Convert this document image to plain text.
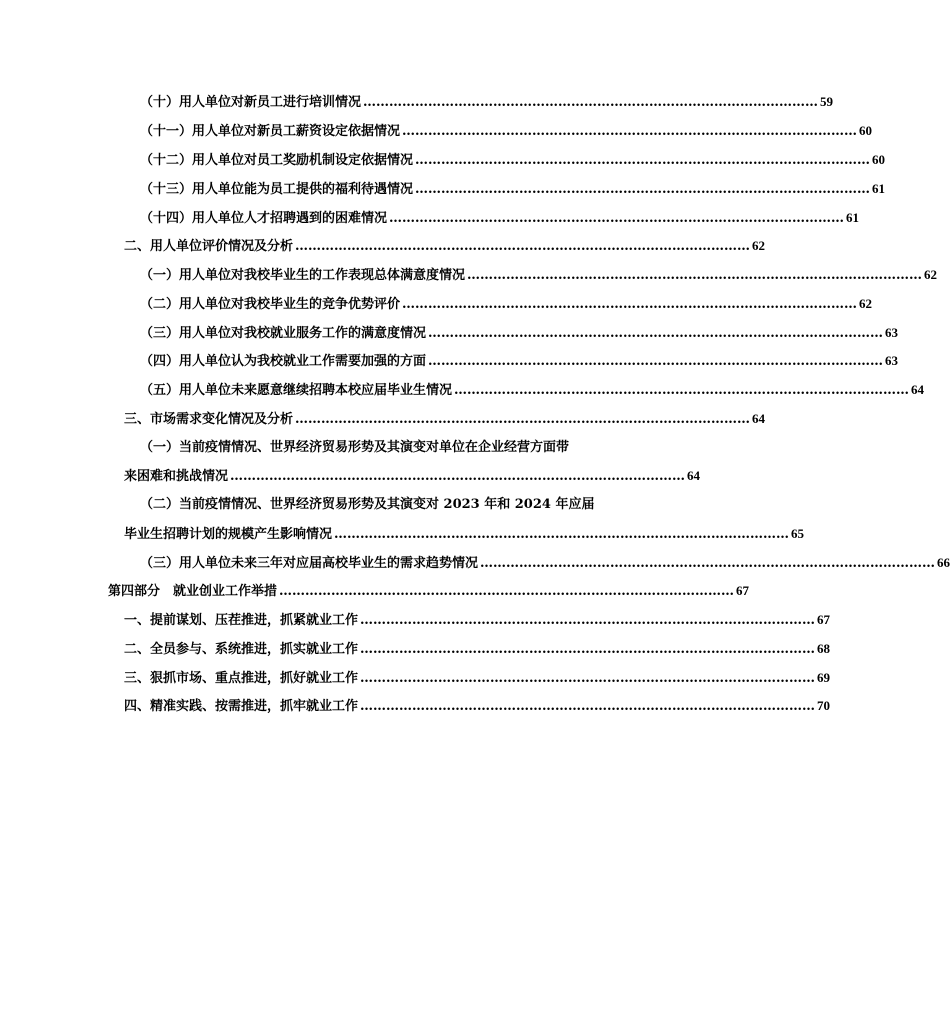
（十）用人单位对新员工进行培训情况 …………………………………………………………………………………………… 59
（十一）用人单位对新员工薪资设定依据情况 …………………………………………………………………………………………… 60
（十二）用人单位对员工奖励机制设定依据情况 …………………………………………………………………………………………… 60
（十三）用人单位能为员工提供的福利待遇情况 …………………………………………………………………………………………… 61
（十四）用人单位人才招聘遇到的困难情况 …………………………………………………………………………………………… 61
二、用人单位评价情况及分析 …………………………………………………………………………………………… 62
（一）用人单位对我校毕业生的工作表现总体满意度情况 …………………………………………………………………………………………… 62
（二）用人单位对我校毕业生的竞争优势评价 …………………………………………………………………………………………… 62
（三）用人单位对我校就业服务工作的满意度情况 …………………………………………………………………………………………… 63
（四）用人单位认为我校就业工作需要加强的方面 …………………………………………………………………………………………… 63
（五）用人单位未来愿意继续招聘本校应届毕业生情况 …………………………………………………………………………………………… 64
三、市场需求变化情况及分析 …………………………………………………………………………………………… 64
（一）当前疫情情况、世界经济贸易形势及其演变对单位在企业经营方面带
来困难和挑战情况 …………………………………………………………………………………………… 64
（二）当前疫情情况、世界经济贸易形势及其演变对 2023 年和 2024 年应届
毕业生招聘计划的规模产生影响情况 …………………………………………………………………………………………… 65
（三）用人单位未来三年对应届高校毕业生的需求趋势情况 …………………………………………………………………………………………… 66
第四部分　就业创业工作举措 …………………………………………………………………………………………… 67
一、提前谋划、压茬推进，抓紧就业工作 …………………………………………………………………………………………… 67
二、全员参与、系统推进，抓实就业工作 …………………………………………………………………………………………… 68
三、狠抓市场、重点推进，抓好就业工作 …………………………………………………………………………………………… 69
四、精准实践、按需推进，抓牢就业工作 …………………………………………………………………………………………… 70
